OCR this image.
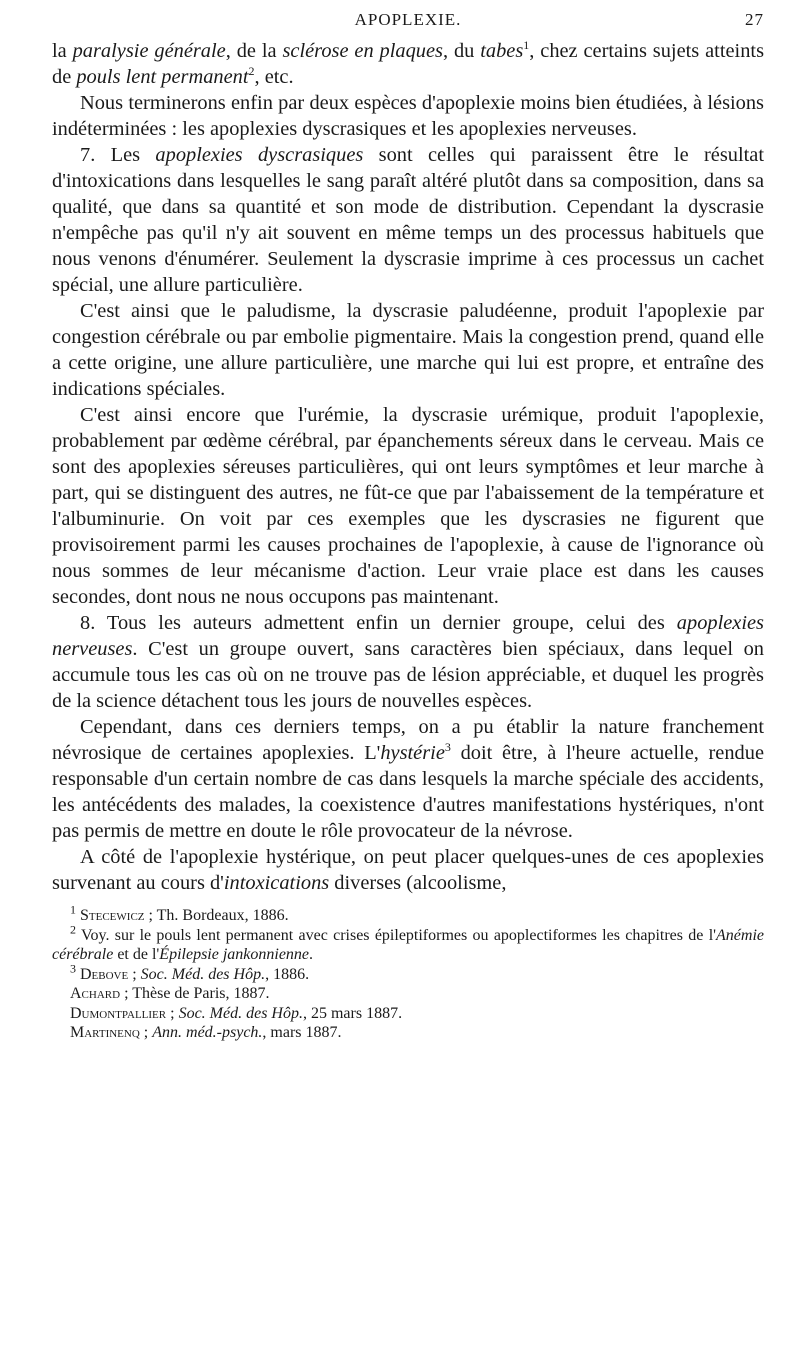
APOPLEXIE.	27

la paralysie générale, de la sclérose en plaques, du tabes$^1$, chez certains sujets atteints de pouls lent permanent$^2$, etc.

Nous terminerons enfin par deux espèces d'apoplexie moins bien étudiées, à lésions indéterminées : les apoplexies dyscrasiques et les apoplexies nerveuses.

7. Les apoplexies dyscrasiques sont celles qui paraissent être le résultat d'intoxications dans lesquelles le sang paraît altéré plutôt dans sa composition, dans sa qualité, que dans sa quantité et son mode de distribution. Cependant la dyscrasie n'empêche pas qu'il n'y ait souvent en même temps un des processus habituels que nous venons d'énumérer. Seulement la dyscrasie imprime à ces processus un cachet spécial, une allure particulière.

C'est ainsi que le paludisme, la dyscrasie paludéenne, produit l'apoplexie par congestion cérébrale ou par embolie pigmentaire. Mais la congestion prend, quand elle a cette origine, une allure particulière, une marche qui lui est propre, et entraîne des indications spéciales.

C'est ainsi encore que l'urémie, la dyscrasie urémique, produit l'apoplexie, probablement par œdème cérébral, par épanchements séreux dans le cerveau. Mais ce sont des apoplexies séreuses particulières, qui ont leurs symptômes et leur marche à part, qui se distinguent des autres, ne fût-ce que par l'abaissement de la température et l'albuminurie. On voit par ces exemples que les dyscrasies ne figurent que provisoirement parmi les causes prochaines de l'apoplexie, à cause de l'ignorance où nous sommes de leur mécanisme d'action. Leur vraie place est dans les causes secondes, dont nous ne nous occupons pas maintenant.

8. Tous les auteurs admettent enfin un dernier groupe, celui des apoplexies nerveuses. C'est un groupe ouvert, sans caractères bien spéciaux, dans lequel on accumule tous les cas où on ne trouve pas de lésion appréciable, et duquel les progrès de la science détachent tous les jours de nouvelles espèces.

Cependant, dans ces derniers temps, on a pu établir la nature franchement névrosique de certaines apoplexies. L'hystérie$^3$ doit être, à l'heure actuelle, rendue responsable d'un certain nombre de cas dans lesquels la marche spéciale des accidents, les antécédents des malades, la coexistence d'autres manifestations hystériques, n'ont pas permis de mettre en doute le rôle provocateur de la névrose.

A côté de l'apoplexie hystérique, on peut placer quelques-unes de ces apoplexies survenant au cours d'intoxications diverses (alcoolisme,

$^1$ Stecewicz ; Th. Bordeaux, 1886.

$^2$ Voy. sur le pouls lent permanent avec crises épileptiformes ou apoplectiformes les chapitres de l'Anémie cérébrale et de l'Épilepsie jankonnienne.

$^3$ Debove ; Soc. Méd. des Hôp., 1886.

Achard ; Thèse de Paris, 1887.

Dumontpallier ; Soc. Méd. des Hôp., 25 mars 1887.

Martinenq ; Ann. méd.-psych., mars 1887.
